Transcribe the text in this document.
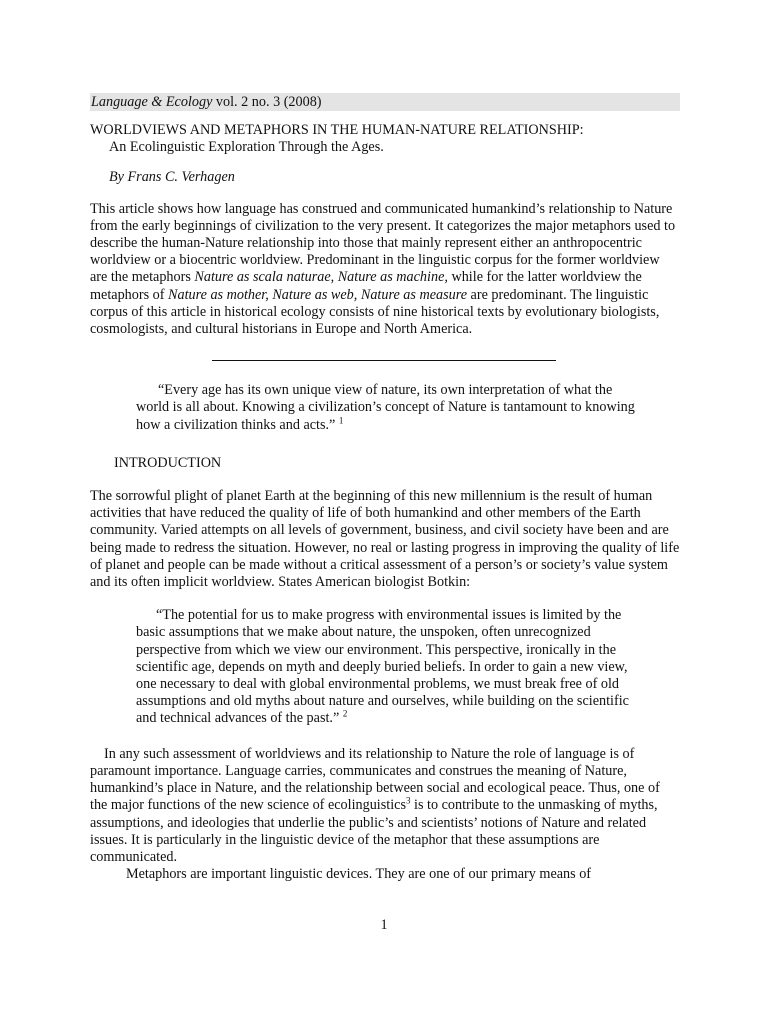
Language & Ecology vol. 2 no. 3 (2008)
WORLDVIEWS AND METAPHORS IN THE HUMAN-NATURE RELATIONSHIP:
An Ecolinguistic Exploration Through the Ages.
By Frans C. Verhagen

This article shows how language has construed and communicated humankind’s relationship to Nature from the early beginnings of civilization to the very present. It categorizes the major metaphors used to describe the human-Nature relationship into those that mainly represent either an anthropocentric worldview or a biocentric worldview. Predominant in the linguistic corpus for the former worldview are the metaphors Nature as scala naturae, Nature as machine, while for the latter worldview the metaphors of Nature as mother, Nature as web, Nature as measure are predominant. The linguistic corpus of this article in historical ecology consists of nine historical texts by evolutionary biologists, cosmologists, and cultural historians in Europe and North America.

“Every age has its own unique view of nature, its own interpretation of what the world is all about. Knowing a civilization’s concept of Nature is tantamount to knowing how a civilization thinks and acts.” $^1$

INTRODUCTION

The sorrowful plight of planet Earth at the beginning of this new millennium is the result of human activities that have reduced the quality of life of both humankind and other members of the Earth community. Varied attempts on all levels of government, business, and civil society have been and are being made to redress the situation. However, no real or lasting progress in improving the quality of life of planet and people can be made without a critical assessment of a person’s or society’s value system and its often implicit worldview. States American biologist Botkin:

“The potential for us to make progress with environmental issues is limited by the basic assumptions that we make about nature, the unspoken, often unrecognized perspective from which we view our environment. This perspective, ironically in the scientific age, depends on myth and deeply buried beliefs. In order to gain a new view, one necessary to deal with global environmental problems, we must break free of old assumptions and old myths about nature and ourselves, while building on the scientific and technical advances of the past.” $^2$

In any such assessment of worldviews and its relationship to Nature the role of language is of paramount importance. Language carries, communicates and construes the meaning of Nature, humankind’s place in Nature, and the relationship between social and ecological peace. Thus, one of the major functions of the new science of ecolinguistics$^3$ is to contribute to the unmasking of myths, assumptions, and ideologies that underlie the public’s and scientists’ notions of Nature and related issues. It is particularly in the linguistic device of the metaphor that these assumptions are communicated.

Metaphors are important linguistic devices. They are one of our primary means of

1
